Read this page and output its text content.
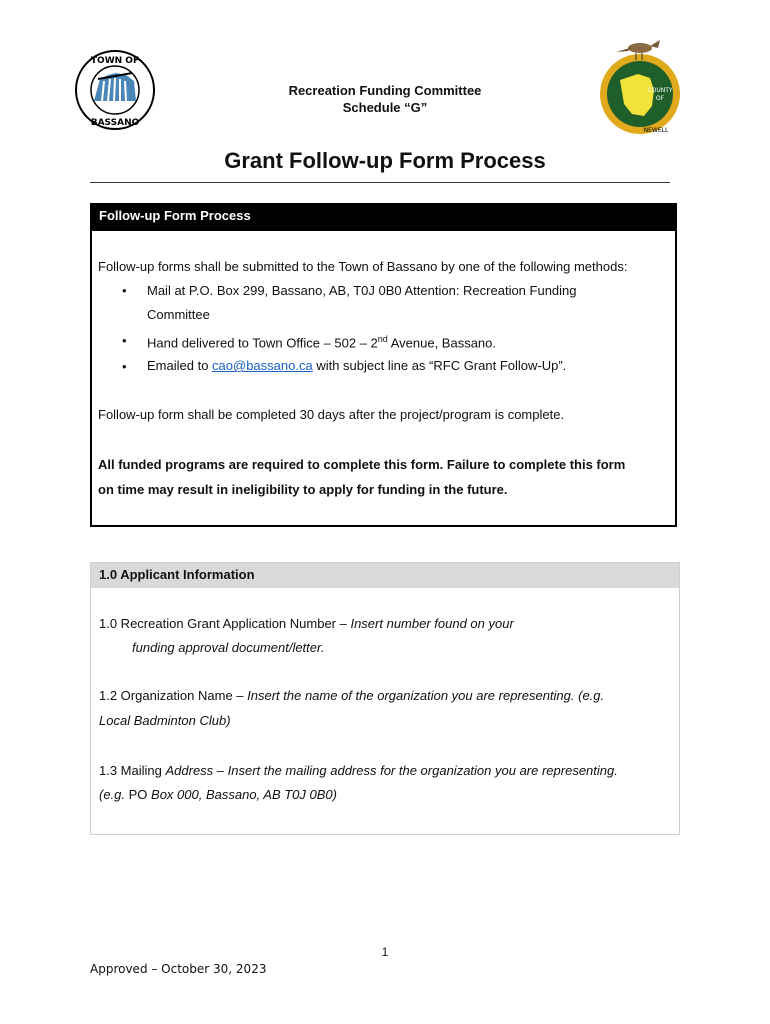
TOWN OF
BASSANO
COUNTY
OF
NEWELL
Recreation Funding Committee
Schedule “G”
Grant Follow-up Form Process
Follow-up Form Process
Follow-up forms shall be submitted to the Town of Bassano by one of the following methods:
• Mail at P.O. Box 299, Bassano, AB, T0J 0B0 Attention: Recreation Funding
Committee
• Hand delivered to Town Office – 502 – 2nd Avenue, Bassano.
• Emailed to cao@bassano.ca with subject line as “RFC Grant Follow-Up”.
Follow-up form shall be completed 30 days after the project/program is complete.
All funded programs are required to complete this form. Failure to complete this form
on time may result in ineligibility to apply for funding in the future.
1.0 Applicant Information
1.0 Recreation Grant Application Number – Insert number found on your
funding approval document/letter.
1.2 Organization Name – Insert the name of the organization you are representing. (e.g.
Local Badminton Club)
1.3 Mailing Address – Insert the mailing address for the organization you are representing.
(e.g. PO Box 000, Bassano, AB T0J 0B0)
1
Approved – October 30, 2023
